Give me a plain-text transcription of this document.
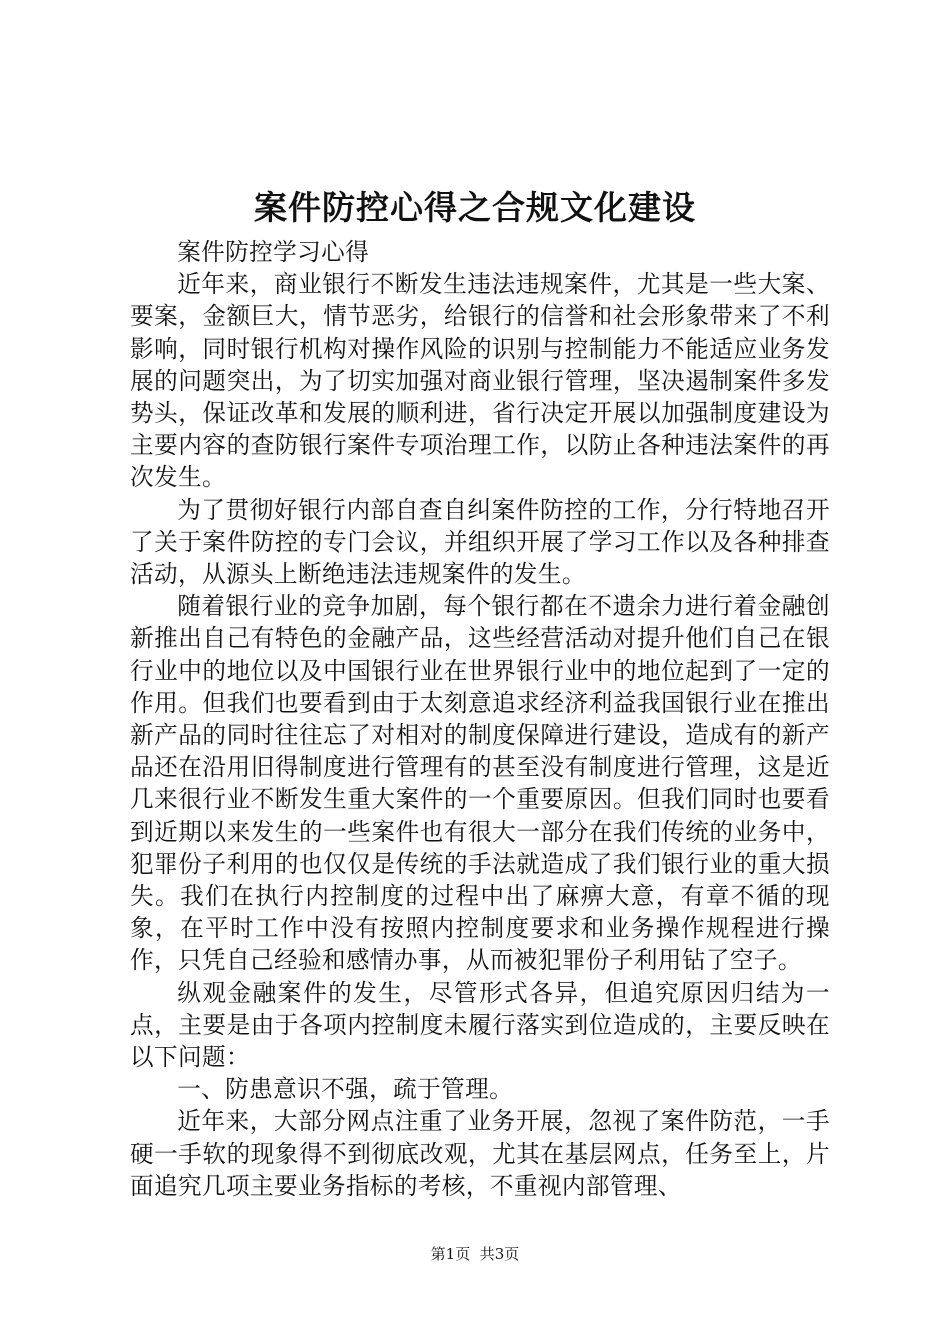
案件防控心得之合规文化建设

案件防控学习心得

近年来，商业银行不断发生违法违规案件，尤其是一些大案、要案，金额巨大，情节恶劣，给银行的信誉和社会形象带来了不利影响，同时银行机构对操作风险的识别与控制能力不能适应业务发展的问题突出，为了切实加强对商业银行管理，坚决遏制案件多发势头，保证改革和发展的顺利进，省行决定开展以加强制度建设为主要内容的查防银行案件专项治理工作，以防止各种违法案件的再次发生。

为了贯彻好银行内部自查自纠案件防控的工作，分行特地召开了关于案件防控的专门会议，并组织开展了学习工作以及各种排查活动，从源头上断绝违法违规案件的发生。

随着银行业的竞争加剧，每个银行都在不遗余力进行着金融创新推出自己有特色的金融产品，这些经营活动对提升他们自己在银行业中的地位以及中国银行业在世界银行业中的地位起到了一定的作用。但我们也要看到由于太刻意追求经济利益我国银行业在推出新产品的同时往往忘了对相对的制度保障进行建设，造成有的新产品还在沿用旧得制度进行管理有的甚至没有制度进行管理，这是近几来很行业不断发生重大案件的一个重要原因。但我们同时也要看到近期以来发生的一些案件也有很大一部分在我们传统的业务中，犯罪份子利用的也仅仅是传统的手法就造成了我们银行业的重大损失。我们在执行内控制度的过程中出了麻痹大意，有章不循的现象，在平时工作中没有按照内控制度要求和业务操作规程进行操作，只凭自己经验和感情办事，从而被犯罪份子利用钻了空子。

纵观金融案件的发生，尽管形式各异，但追究原因归结为一点，主要是由于各项内控制度未履行落实到位造成的，主要反映在以下问题：

一、防患意识不强，疏于管理。

近年来，大部分网点注重了业务开展，忽视了案件防范，一手硬一手软的现象得不到彻底改观，尤其在基层网点，任务至上，片面追究几项主要业务指标的考核，不重视内部管理、

第1页 共3页
